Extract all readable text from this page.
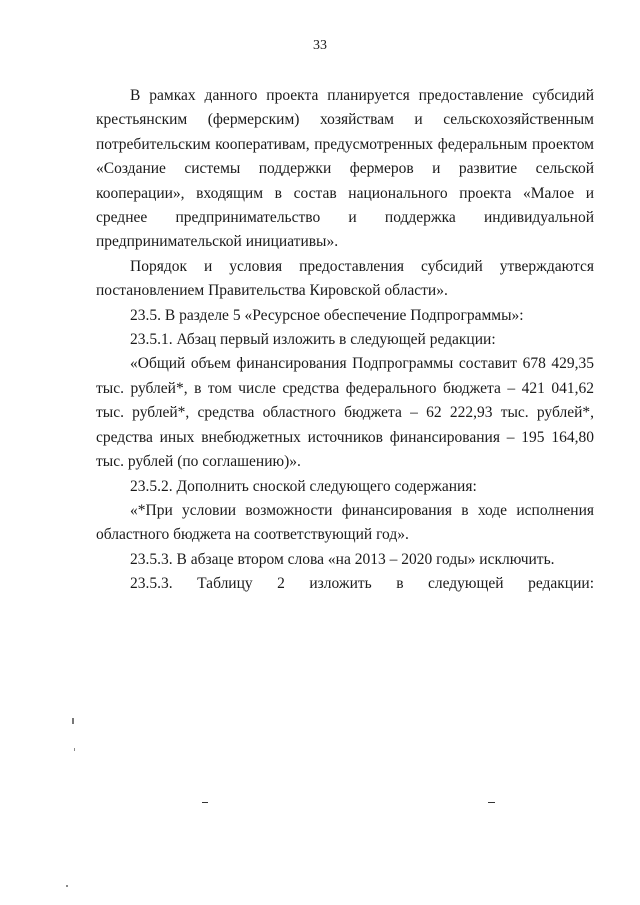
33

В рамках данного проекта планируется предоставление субсидий крестьянским (фермерским) хозяйствам и сельскохозяйственным потребительским кооперативам, предусмотренных федеральным проектом «Создание системы поддержки фермеров и развитие сельской кооперации», входящим в состав национального проекта «Малое и среднее предпринимательство и поддержка индивидуальной предпринимательской инициативы».

Порядок и условия предоставления субсидий утверждаются постановлением Правительства Кировской области».

23.5. В разделе 5 «Ресурсное обеспечение Подпрограммы»:

23.5.1. Абзац первый изложить в следующей редакции:

«Общий объем финансирования Подпрограммы составит 678 429,35 тыс. рублей*, в том числе средства федерального бюджета – 421 041,62 тыс. рублей*, средства областного бюджета – 62 222,93 тыс. рублей*, средства иных внебюджетных источников финансирования – 195 164,80 тыс. рублей (по соглашению)».

23.5.2. Дополнить сноской следующего содержания:

«*При условии возможности финансирования в ходе исполнения областного бюджета на соответствующий год».

23.5.3. В абзаце втором слова «на 2013 – 2020 годы» исключить.

23.5.3. Таблицу 2 изложить в следующей редакции:
